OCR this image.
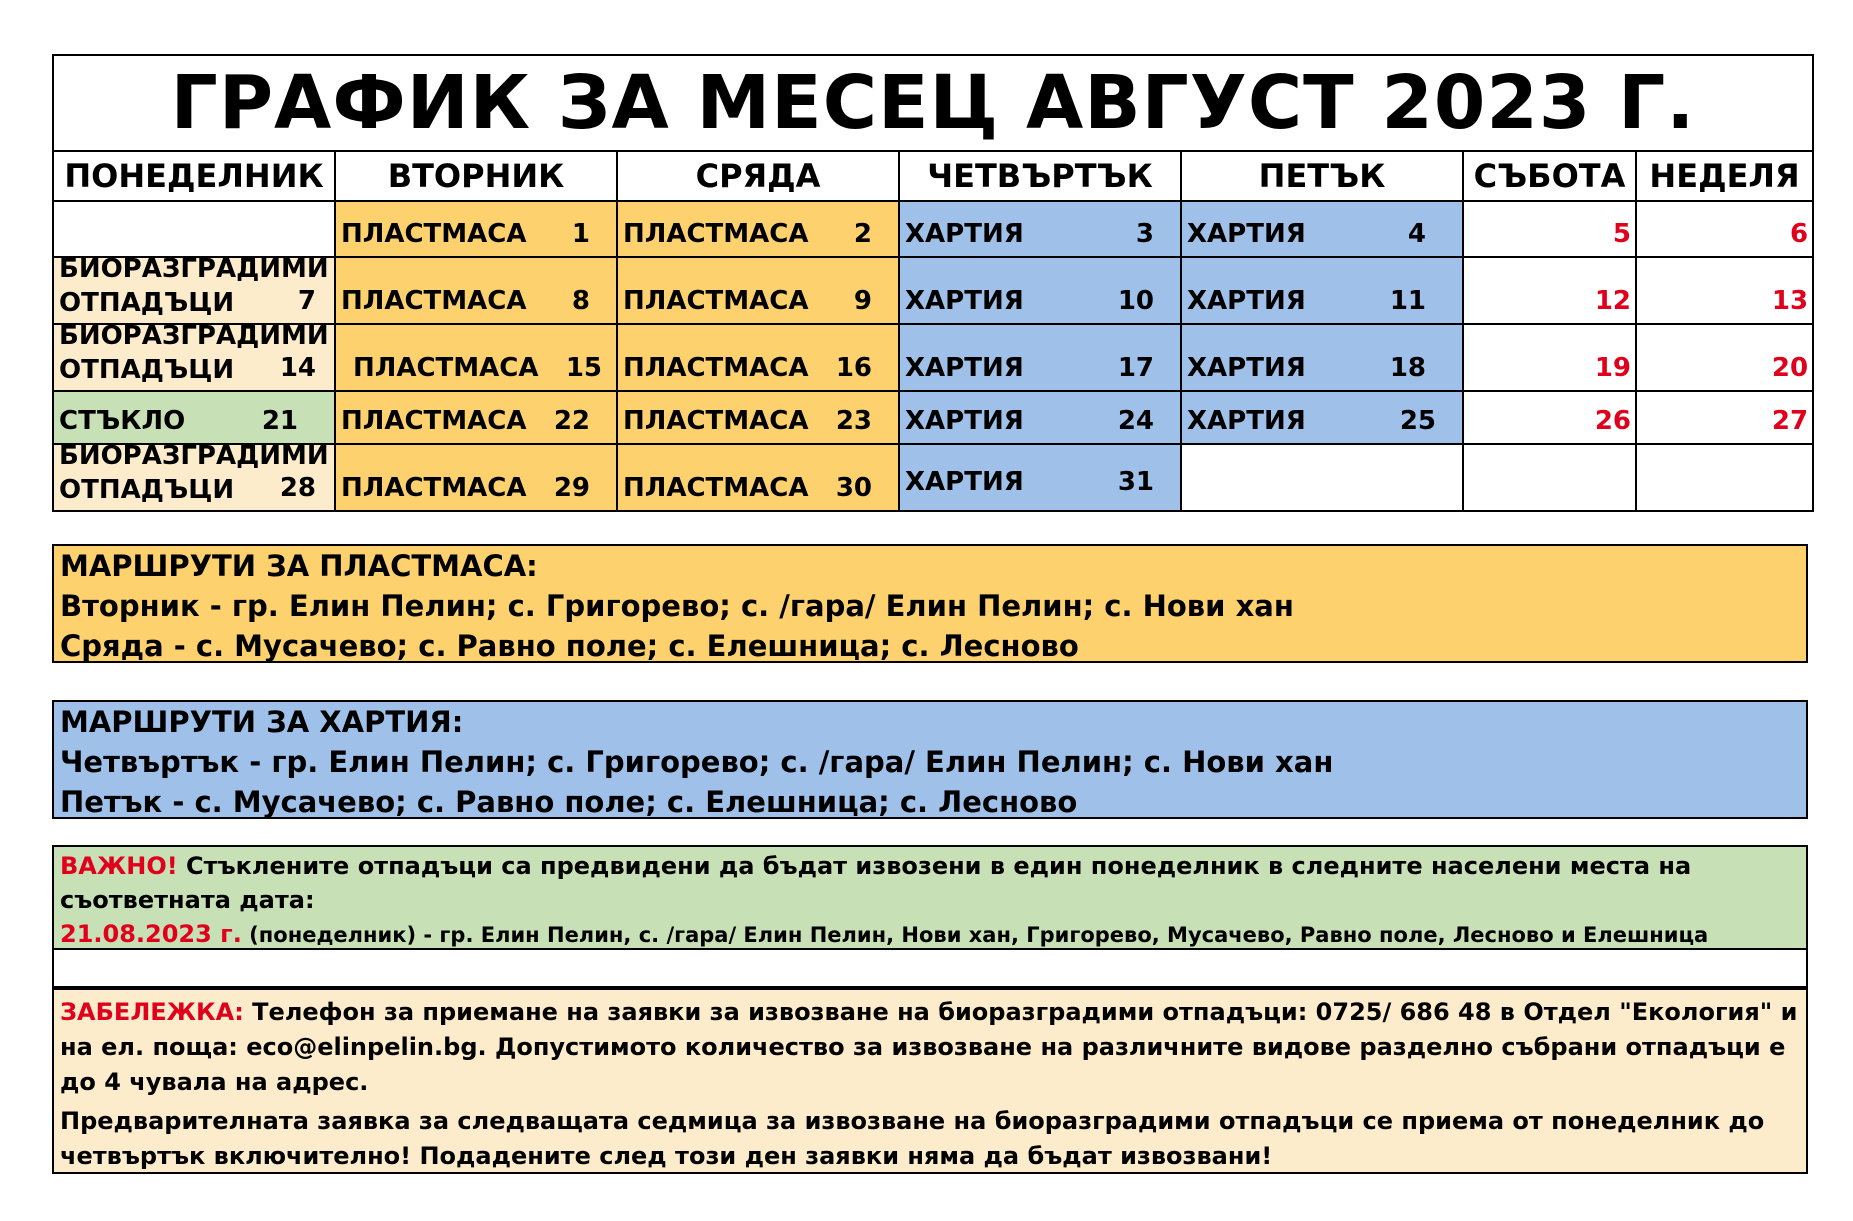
ГРАФИК ЗА МЕСЕЦ АВГУСТ 2023 Г.						
ПОНЕДЕЛНИК	ВТОРНИК	СРЯДА	ЧЕТВЪРТЪК	ПЕТЪК	СЪБОТА	НЕДЕЛЯ

	ПЛАСТМАСА 1	ПЛАСТМАСА 2	ХАРТИЯ 3	ХАРТИЯ 4	5	6

БИОРАЗГРАДИМИ
ОТПАДЪЦИ 7	ПЛАСТМАСА 8	ПЛАСТМАСА 9	ХАРТИЯ 10	ХАРТИЯ 11	12	13

БИОРАЗГРАДИМИ
ОТПАДЪЦИ 14	ПЛАСТМАСА 15	ПЛАСТМАСА 16	ХАРТИЯ 17	ХАРТИЯ 18	19	20

СТЪКЛО 21	ПЛАСТМАСА 22	ПЛАСТМАСА 23	ХАРТИЯ 24	ХАРТИЯ 25	26	27

БИОРАЗГРАДИМИ
ОТПАДЪЦИ 28	ПЛАСТМАСА 29	ПЛАСТМАСА 30	ХАРТИЯ 31			

МАРШРУТИ ЗА ПЛАСТМАСА:
Вторник - гр. Елин Пелин; с. Григорево; с. /гара/ Елин Пелин; с. Нови хан
Сряда - с. Мусачево; с. Равно поле; с. Елешница; с. Лесново
МАРШРУТИ ЗА ХАРТИЯ:
Четвъртък - гр. Елин Пелин; с. Григорево; с. /гара/ Елин Пелин; с. Нови хан
Петък - с. Мусачево; с. Равно поле; с. Елешница; с. Лесново
ВАЖНО! Стъклените отпадъци са предвидени да бъдат извозени в един понеделник в следните населени места на съответната дата:
21.08.2023 г. (понеделник) - гр. Елин Пелин, с. /гара/ Елин Пелин, Нови хан, Григорево, Мусачево, Равно поле, Лесново и Елешница

ЗАБЕЛЕЖКА: Телефон за приемане на заявки за извозване на биоразградими отпадъци: 0725/ 686 48 в Отдел "Екология" и на ел. поща: eco@elinpelin.bg. Допустимото количество за извозване на различните видове разделно събрани отпадъци е до 4 чувала на адрес.

Предварителната заявка за следващата седмица за извозване на биоразградими отпадъци се приема от понеделник до четвъртък включително! Подадените след този ден заявки няма да бъдат извозвани!
